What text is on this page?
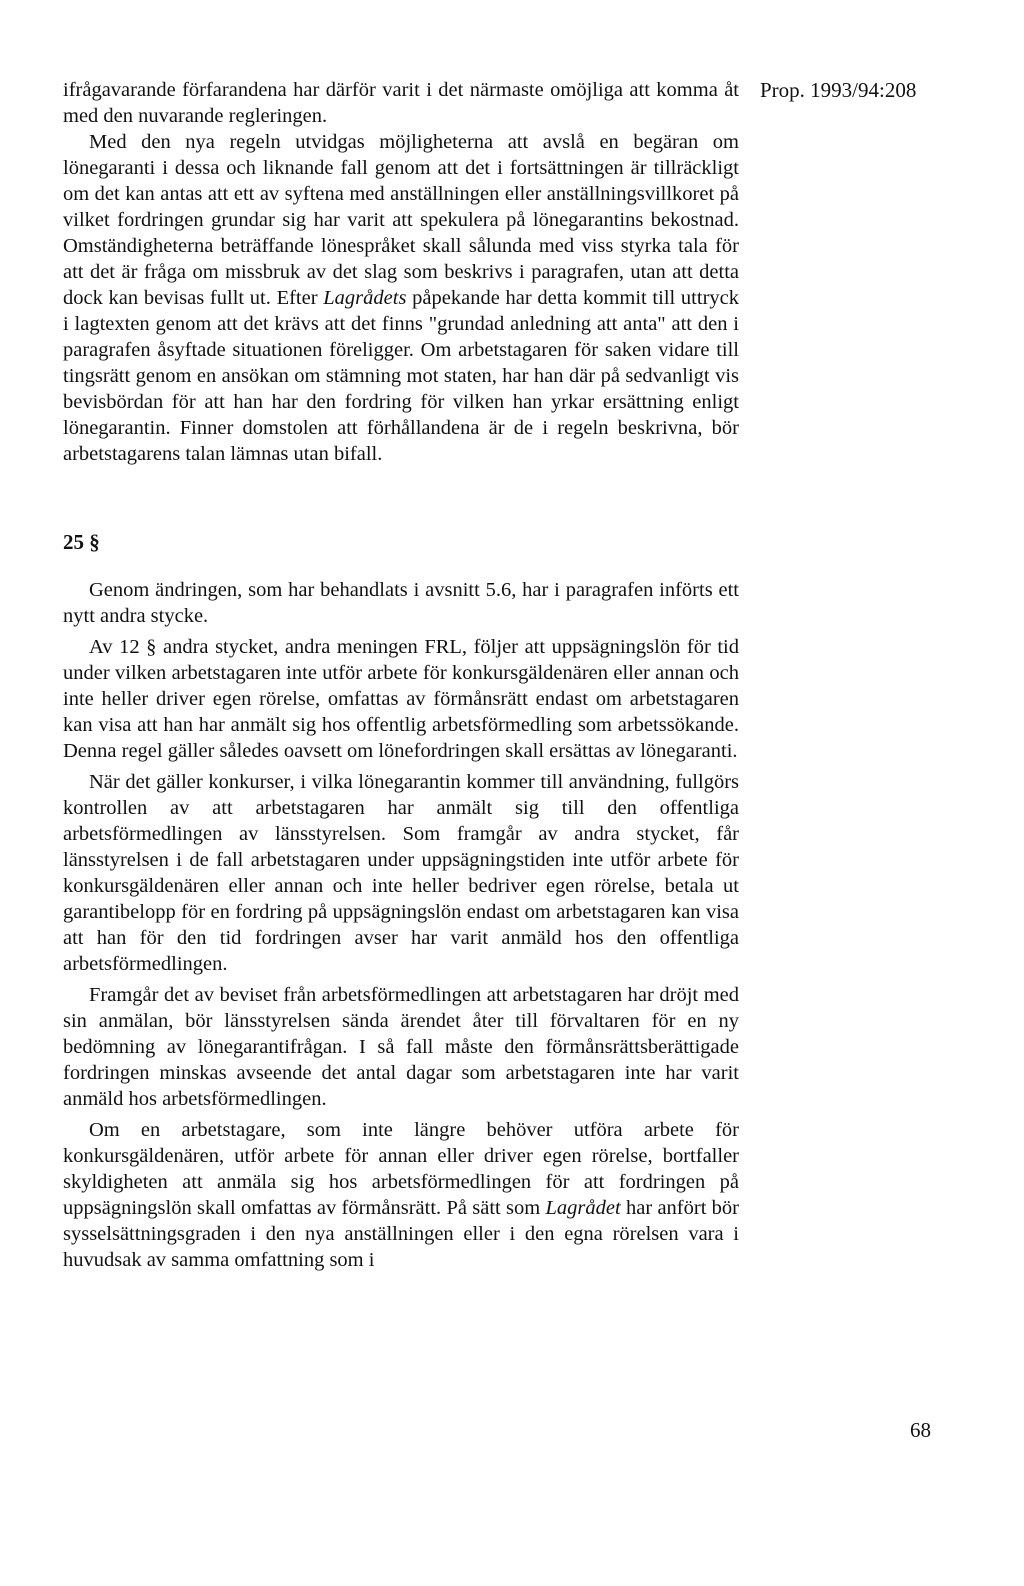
Prop. 1993/94:208

ifrågavarande förfarandena har därför varit i det närmaste omöjliga att komma åt med den nuvarande regleringen.

Med den nya regeln utvidgas möjligheterna att avslå en begäran om lönegaranti i dessa och liknande fall genom att det i fortsättningen är tillräckligt om det kan antas att ett av syftena med anställningen eller anställningsvillkoret på vilket fordringen grundar sig har varit att spekulera på lönegarantins bekostnad. Omständigheterna beträffande lönespråket skall sålunda med viss styrka tala för att det är fråga om missbruk av det slag som beskrivs i paragrafen, utan att detta dock kan bevisas fullt ut. Efter Lagrådets påpekande har detta kommit till uttryck i lagtexten genom att det krävs att det finns "grundad anledning att anta" att den i paragrafen åsyftade situationen föreligger. Om arbetstagaren för saken vidare till tingsrätt genom en ansökan om stämning mot staten, har han där på sedvanligt vis bevisbördan för att han har den fordring för vilken han yrkar ersättning enligt lönegarantin. Finner domstolen att förhållandena är de i regeln beskrivna, bör arbetstagarens talan lämnas utan bifall.

25 §

Genom ändringen, som har behandlats i avsnitt 5.6, har i paragrafen införts ett nytt andra stycke.

Av 12 § andra stycket, andra meningen FRL, följer att uppsägningslön för tid under vilken arbetstagaren inte utför arbete för konkursgäldenären eller annan och inte heller driver egen rörelse, omfattas av förmånsrätt endast om arbetstagaren kan visa att han har anmält sig hos offentlig arbetsförmedling som arbetssökande. Denna regel gäller således oavsett om lönefordringen skall ersättas av lönegaranti.

När det gäller konkurser, i vilka lönegarantin kommer till användning, fullgörs kontrollen av att arbetstagaren har anmält sig till den offentliga arbetsförmedlingen av länsstyrelsen. Som framgår av andra stycket, får länsstyrelsen i de fall arbetstagaren under uppsägningstiden inte utför arbete för konkursgäldenären eller annan och inte heller bedriver egen rörelse, betala ut garantibelopp för en fordring på uppsägningslön endast om arbetstagaren kan visa att han för den tid fordringen avser har varit anmäld hos den offentliga arbetsförmedlingen.

Framgår det av beviset från arbetsförmedlingen att arbetstagaren har dröjt med sin anmälan, bör länsstyrelsen sända ärendet åter till förvaltaren för en ny bedömning av lönegarantifrågan. I så fall måste den förmånsrättsberättigade fordringen minskas avseende det antal dagar som arbetstagaren inte har varit anmäld hos arbetsförmedlingen.

Om en arbetstagare, som inte längre behöver utföra arbete för konkursgäldenären, utför arbete för annan eller driver egen rörelse, bortfaller skyldigheten att anmäla sig hos arbetsförmedlingen för att fordringen på uppsägningslön skall omfattas av förmånsrätt. På sätt som Lagrådet har anfört bör sysselsättningsgraden i den nya anställningen eller i den egna rörelsen vara i huvudsak av samma omfattning som i

68
